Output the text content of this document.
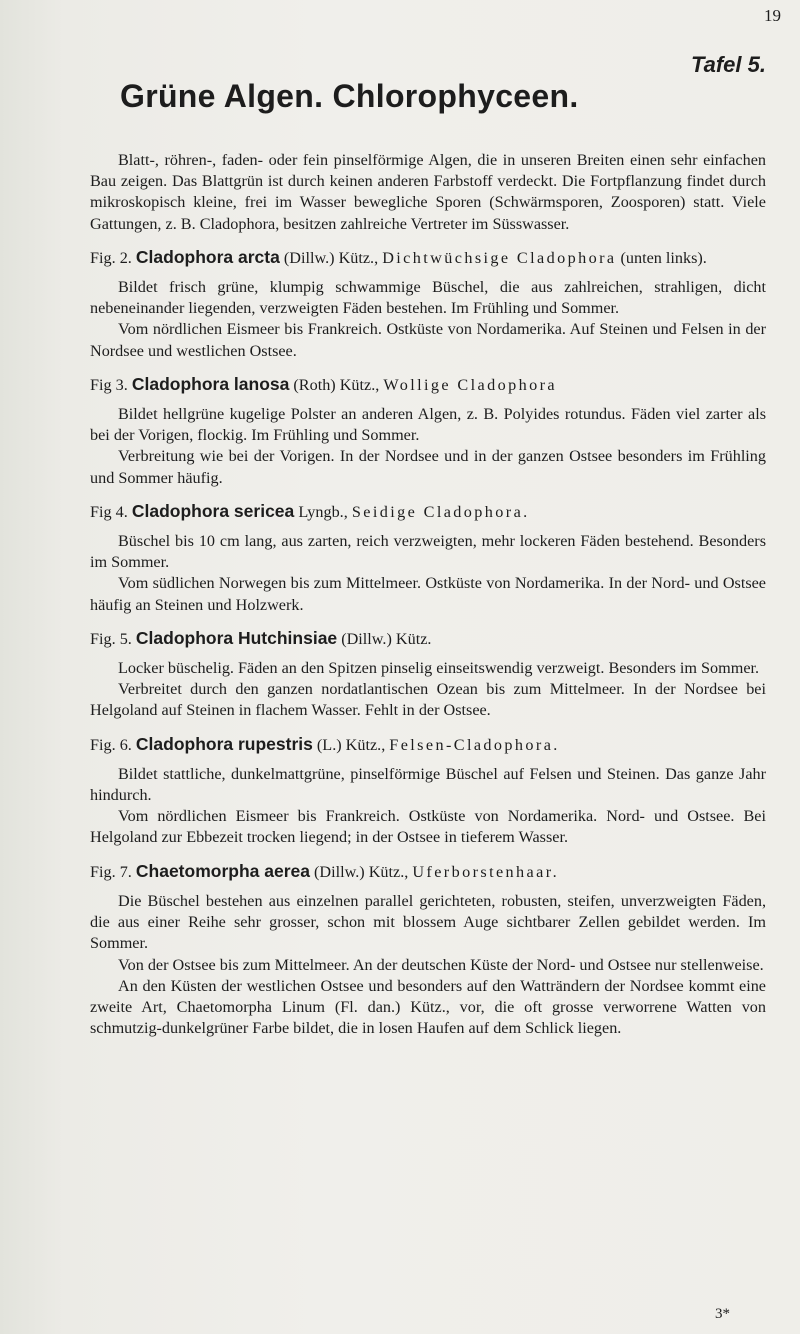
19
Tafel 5.
Grüne Algen. Chlorophyceen.

Blatt-, röhren-, faden- oder fein pinselförmige Algen, die in unseren Breiten einen sehr einfachen Bau zeigen. Das Blattgrün ist durch keinen anderen Farbstoff verdeckt. Die Fortpflanzung findet durch mikroskopisch kleine, frei im Wasser bewegliche Sporen (Schwärmsporen, Zoosporen) statt. Viele Gattungen, z. B. Cladophora, besitzen zahlreiche Vertreter im Süsswasser.

Fig. 2. Cladophora arcta (Dillw.) Kütz., Dichtwüchsige Cladophora (unten links).

Bildet frisch grüne, klumpig schwammige Büschel, die aus zahlreichen, strahligen, dicht nebeneinander liegenden, verzweigten Fäden bestehen. Im Frühling und Sommer.

Vom nördlichen Eismeer bis Frankreich. Ostküste von Nordamerika. Auf Steinen und Felsen in der Nordsee und westlichen Ostsee.

Fig 3. Cladophora lanosa (Roth) Kütz., Wollige Cladophora

Bildet hellgrüne kugelige Polster an anderen Algen, z. B. Polyides rotundus. Fäden viel zarter als bei der Vorigen, flockig. Im Frühling und Sommer.

Verbreitung wie bei der Vorigen. In der Nordsee und in der ganzen Ostsee besonders im Frühling und Sommer häufig.

Fig 4. Cladophora sericea Lyngb., Seidige Cladophora.

Büschel bis 10 cm lang, aus zarten, reich verzweigten, mehr lockeren Fäden bestehend. Besonders im Sommer.

Vom südlichen Norwegen bis zum Mittelmeer. Ostküste von Nordamerika. In der Nord- und Ostsee häufig an Steinen und Holzwerk.

Fig. 5. Cladophora Hutchinsiae (Dillw.) Kütz.

Locker büschelig. Fäden an den Spitzen pinselig einseitswendig verzweigt. Besonders im Sommer.

Verbreitet durch den ganzen nordatlantischen Ozean bis zum Mittelmeer. In der Nordsee bei Helgoland auf Steinen in flachem Wasser. Fehlt in der Ostsee.

Fig. 6. Cladophora rupestris (L.) Kütz., Felsen-Cladophora.

Bildet stattliche, dunkelmattgrüne, pinselförmige Büschel auf Felsen und Steinen. Das ganze Jahr hindurch.

Vom nördlichen Eismeer bis Frankreich. Ostküste von Nordamerika. Nord- und Ostsee. Bei Helgoland zur Ebbezeit trocken liegend; in der Ostsee in tieferem Wasser.

Fig. 7. Chaetomorpha aerea (Dillw.) Kütz., Uferborstenhaar.

Die Büschel bestehen aus einzelnen parallel gerichteten, robusten, steifen, unverzweigten Fäden, die aus einer Reihe sehr grosser, schon mit blossem Auge sichtbarer Zellen gebildet werden. Im Sommer.

Von der Ostsee bis zum Mittelmeer. An der deutschen Küste der Nord- und Ostsee nur stellenweise.

An den Küsten der westlichen Ostsee und besonders auf den Watträndern der Nordsee kommt eine zweite Art, Chaetomorpha Linum (Fl. dan.) Kütz., vor, die oft grosse verworrene Watten von schmutzig-dunkelgrüner Farbe bildet, die in losen Haufen auf dem Schlick liegen.

3*
